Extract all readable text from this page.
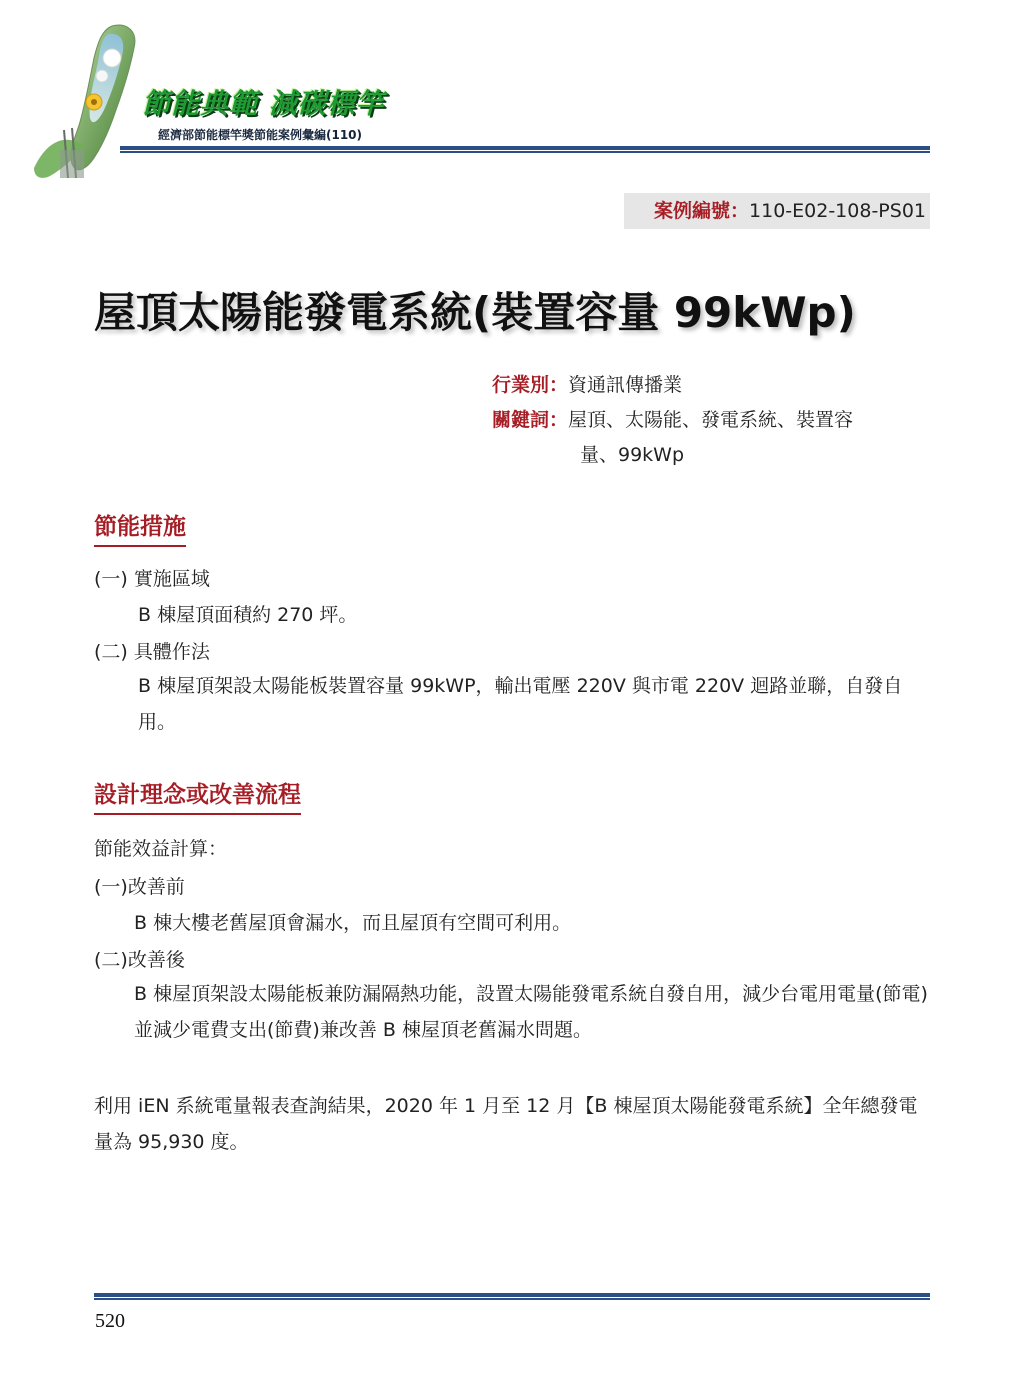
節能典範 減碳標竿
經濟部節能標竿獎節能案例彙編(110)
案例編號：110-E02-108-PS01
屋頂太陽能發電系統(裝置容量 99kWp)
行業別：資通訊傳播業
關鍵詞：屋頂、太陽能、發電系統、裝置容
量、99kWp
節能措施
(一) 實施區域
B 棟屋頂面積約 270 坪。
(二) 具體作法
B 棟屋頂架設太陽能板裝置容量 99kWP，輸出電壓 220V 與市電 220V 迴路並聯，自發自用。
設計理念或改善流程
節能效益計算：
(一)改善前
B 棟大樓老舊屋頂會漏水，而且屋頂有空間可利用。
(二)改善後
B 棟屋頂架設太陽能板兼防漏隔熱功能，設置太陽能發電系統自發自用，減少台電用電量(節電)並減少電費支出(節費)兼改善 B 棟屋頂老舊漏水問題。
利用 iEN 系統電量報表查詢結果，2020 年 1 月至 12 月【B 棟屋頂太陽能發電系統】全年總發電量為 95,930 度。
520
